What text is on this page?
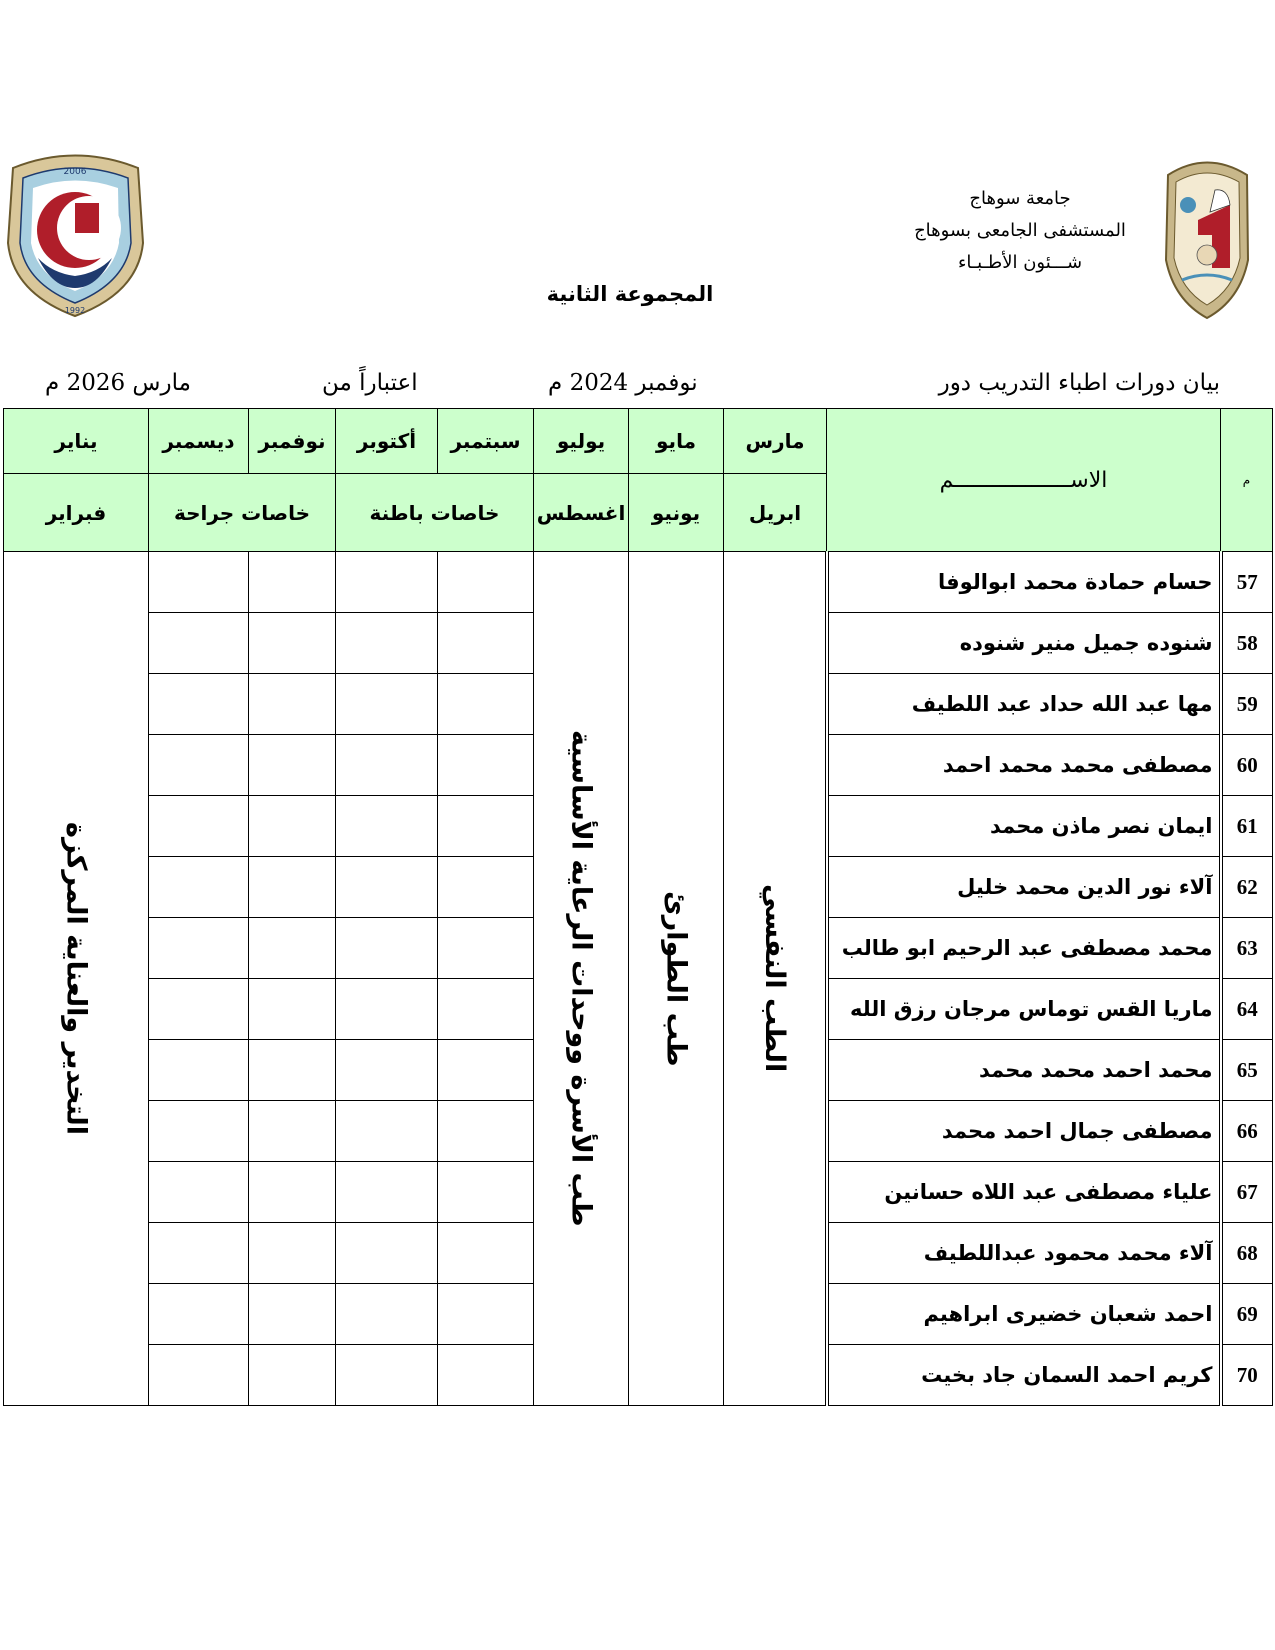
2006
1992
جامعة سوهاج
المستشفى الجامعى بسوهاج
شـــئون الأطـبـاء
المجموعة الثانية
بيان دورات اطباء التدريب دور
نوفمبر 2024 م
اعتباراً من
مارس 2026 م
يناير	ديسمبر	نوفمبر	أكتوبر	سبتمبر	يوليو	مايو	مارس	الاســــــــــــــــــم	م
فبراير	خاصات جراحة		خاصات باطنة		اغسطس	يونيو	ابريل		

التخدير والعناية المركزة					طب الأسرة ووحدات الرعاية الأساسية	طب الطوارئ	الطب النفسي	حسام حمادة محمد ابوالوفا	57
								شنوده جميل منير شنوده	58
								مها عبد الله حداد عبد اللطيف	59
								مصطفى محمد محمد احمد	60
								ايمان نصر ماذن محمد	61
								آلاء نور الدين محمد خليل	62
								محمد مصطفى عبد الرحيم ابو طالب	63
								ماريا القس توماس مرجان رزق الله	64
								محمد احمد محمد محمد	65
								مصطفى جمال احمد محمد	66
								علياء مصطفى عبد اللاه حسانين	67
								آلاء محمد محمود عبداللطيف	68
								احمد شعبان خضيرى ابراهيم	69
								كريم احمد السمان جاد بخيت	70
